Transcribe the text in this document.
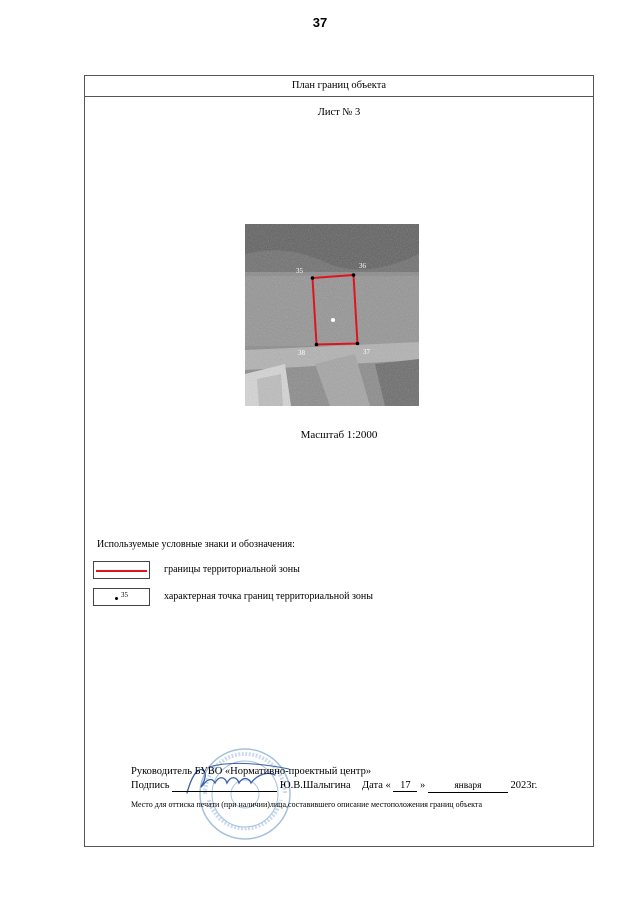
37
План границ объекта
Лист № 3
35
36
37
38
Масштаб 1:2000
Используемые условные знаки и обозначения:
границы территориальной зоны
35	характерная точка границ территориальной зоны
Руководитель БУВО «Нормативно-проектный центр»
Подпись	Ю.В.Шалыгина Дата « 17 »	января	2023г.
Место для оттиска печати (при наличии)лица,составившего описание местоположения границ объекта
